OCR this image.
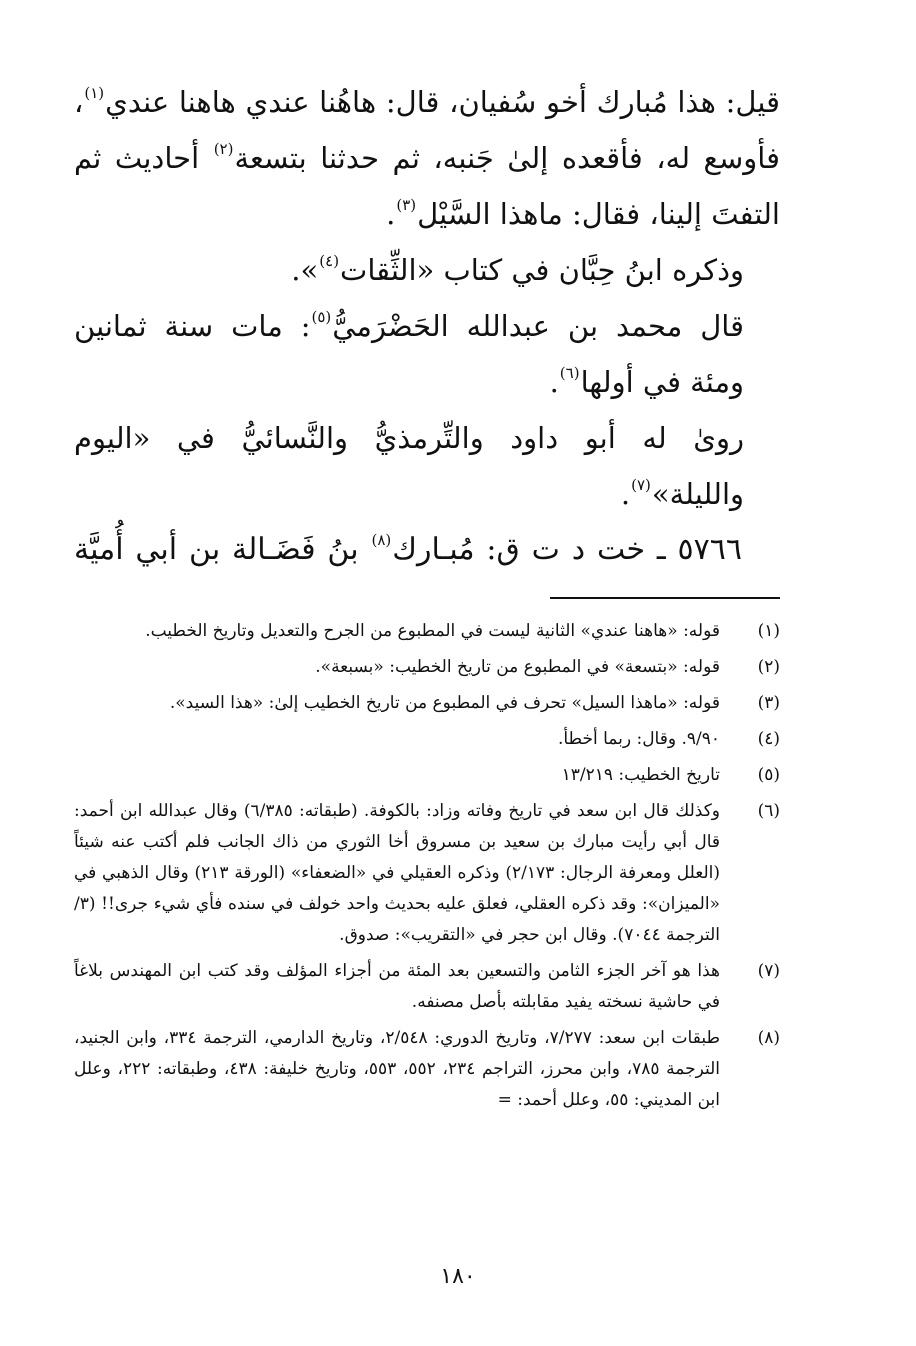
قيل: هذا مُبارك أخو سُفيان، قال: هاهُنا عندي هاهنا عندي$^{(١)}$، فأوسع له، فأقعده إلىٰ جَنبه، ثم حدثنا بتسعة$^{(٢)}$ أحاديث ثم التفتَ إلينا، فقال: ماهذا السَّيْل$^{(٣)}$.

وذكره ابنُ حِبَّان في كتاب «الثِّقات$^{(٤)}$».

قال محمد بن عبدالله الحَضْرَميُّ$^{(٥)}$: مات سنة ثمانين ومئة في أولها$^{(٦)}$.

روىٰ له أبو داود والتِّرمذيُّ والنَّسائيُّ في «اليوم والليلة»$^{(٧)}$.

٥٧٦٦ ـ خت د ت ق: مُبـارك$^{(٨)}$ بنُ فَضَـالة بن أبي أُميَّة
(١)
قوله: «هاهنا عندي» الثانية ليست في المطبوع من الجرح والتعديل وتاريخ الخطيب.
(٢)
قوله: «بتسعة» في المطبوع من تاريخ الخطيب: «بسبعة».
(٣)
قوله: «ماهذا السيل» تحرف في المطبوع من تاريخ الخطيب إلىٰ: «هذا السيد».
(٤)
٩/٩٠. وقال: ربما أخطأ.
(٥)
تاريخ الخطيب: ١٣/٢١٩
(٦)
وكذلك قال ابن سعد في تاريخ وفاته وزاد: بالكوفة. (طبقاته: ٦/٣٨٥) وقال عبدالله ابن أحمد: قال أبي رأيت مبارك بن سعيد بن مسروق أخا الثوري من ذاك الجانب فلم أكتب عنه شيئاً (العلل ومعرفة الرجال: ٢/١٧٣) وذكره العقيلي في «الضعفاء» (الورقة ٢١٣) وقال الذهبي في «الميزان»: وقد ذكره العقلي، فعلق عليه بحديث واحد خولف في سنده فأي شيء جرى!! (٣/الترجمة ٧٠٤٤). وقال ابن حجر في «التقريب»: صدوق.
(٧)
هذا هو آخر الجزء الثامن والتسعين بعد المئة من أجزاء المؤلف وقد كتب ابن المهندس بلاغاً في حاشية نسخته يفيد مقابلته بأصل مصنفه.
(٨)
طبقات ابن سعد: ٧/٢٧٧، وتاريخ الدوري: ٢/٥٤٨، وتاريخ الدارمي، الترجمة ٣٣٤، وابن الجنيد، الترجمة ٧٨٥، وابن محرز، التراجم ٢٣٤، ٥٥٢، ٥٥٣، وتاريخ خليفة: ٤٣٨، وطبقاته: ٢٢٢، وعلل ابن المديني: ٥٥، وعلل أحمد: =
١٨٠
